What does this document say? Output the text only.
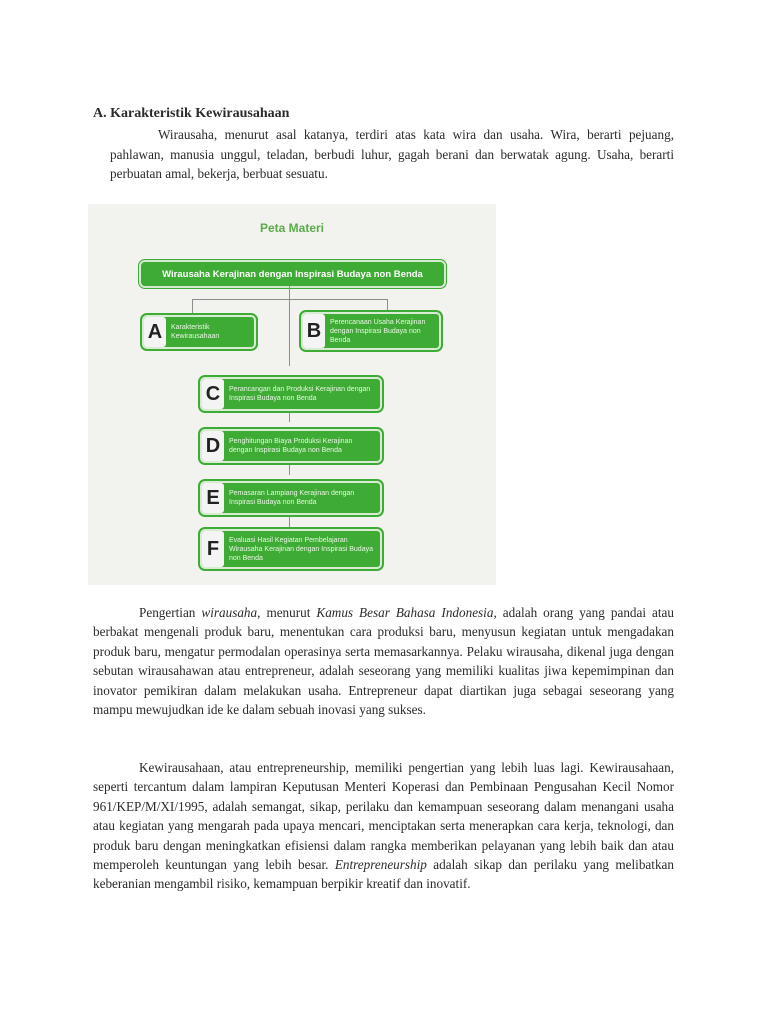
A. Karakteristik Kewirausahaan

Wirausaha, menurut asal katanya, terdiri atas kata wira dan usaha. Wira, berarti pejuang, pahlawan, manusia unggul, teladan, berbudi luhur, gagah berani dan berwatak agung. Usaha, berarti perbuatan amal, bekerja, berbuat sesuatu.

Peta Materi
Wirausaha Kerajinan dengan Inspirasi Budaya non Benda
A	Karakteristik Kewirausahaan	B	Perencanaan Usaha Kerajinan dengan Inspirasi Budaya non Benda
C	Perancangan dan Produksi Kerajinan dengan Inspirasi Budaya non Benda
D	Penghitungan Biaya Produksi Kerajinan dengan Inspirasi Budaya non Benda
E	Pemasaran Lampiang Kerajinan dengan Inspirasi Budaya non Benda
F	Evaluasi Hasil Kegiatan Pembelajaran Wirausaha Kerajinan dengan Inspirasi Budaya non Benda

Pengertian wirausaha, menurut Kamus Besar Bahasa Indonesia, adalah orang yang pandai atau berbakat mengenali produk baru, menentukan cara produksi baru, menyusun kegiatan untuk mengadakan produk baru, mengatur permodalan operasinya serta memasarkannya. Pelaku wirausaha, dikenal juga dengan sebutan wirausahawan atau entrepreneur, adalah seseorang yang memiliki kualitas jiwa kepemimpinan dan inovator pemikiran dalam melakukan usaha. Entrepreneur dapat diartikan juga sebagai seseorang yang mampu mewujudkan ide ke dalam sebuah inovasi yang sukses.

Kewirausahaan, atau entrepreneurship, memiliki pengertian yang lebih luas lagi. Kewirausahaan, seperti tercantum dalam lampiran Keputusan Menteri Koperasi dan Pembinaan Pengusahan Kecil Nomor 961/KEP/M/XI/1995, adalah semangat, sikap, perilaku dan kemampuan seseorang dalam menangani usaha atau kegiatan yang mengarah pada upaya mencari, menciptakan serta menerapkan cara kerja, teknologi, dan produk baru dengan meningkatkan efisiensi dalam rangka memberikan pelayanan yang lebih baik dan atau memperoleh keuntungan yang lebih besar. Entrepreneurship adalah sikap dan perilaku yang melibatkan keberanian mengambil risiko, kemampuan berpikir kreatif dan inovatif.
